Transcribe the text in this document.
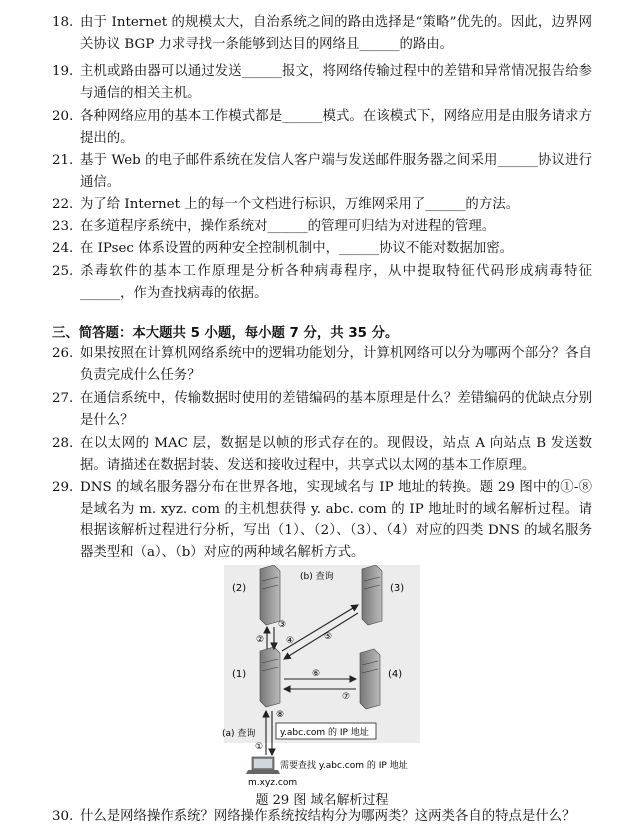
18. 由于 Internet 的规模太大，自治系统之间的路由选择是“策略”优先的。因此，边界网关协议 BGP 力求寻找一条能够到达目的网络且______的路由。
19. 主机或路由器可以通过发送______报文，将网络传输过程中的差错和异常情况报告给参与通信的相关主机。
20. 各种网络应用的基本工作模式都是______模式。在该模式下，网络应用是由服务请求方提出的。
21. 基于 Web 的电子邮件系统在发信人客户端与发送邮件服务器之间采用______协议进行通信。
22. 为了给 Internet 上的每一个文档进行标识，万维网采用了______的方法。
23. 在多道程序系统中，操作系统对______的管理可归结为对进程的管理。
24. 在 IPsec 体系设置的两种安全控制机制中，______协议不能对数据加密。
25. 杀毒软件的基本工作原理是分析各种病毒程序，从中提取特征代码形成病毒特征______，作为查找病毒的依据。
三、简答题：本大题共 5 小题，每小题 7 分，共 35 分。
26. 如果按照在计算机网络系统中的逻辑功能划分，计算机网络可以分为哪两个部分？各自负责完成什么任务？
27. 在通信系统中，传输数据时使用的差错编码的基本原理是什么？差错编码的优缺点分别是什么？
28. 在以太网的 MAC 层，数据是以帧的形式存在的。现假设，站点 A 向站点 B 发送数据。请描述在数据封装、发送和接收过程中，共享式以太网的基本工作原理。
29. DNS 的域名服务器分布在世界各地，实现域名与 IP 地址的转换。题 29 图中的①-⑧是域名为 m. xyz. com 的主机想获得 y. abc. com 的 IP 地址时的域名解析过程。请根据该解析过程进行分析，写出（1）、（2）、（3）、（4）对应的四类 DNS 的域名服务器类型和（a）、（b）对应的两种域名解析方式。
(b) 查询
(2)	(3)
(1)	(4)
②
③
④	⑤
⑥
⑦
⑧
①
(a) 查询	y.abc.com 的 IP 地址
需要查找 y.abc.com 的 IP 地址
m.xyz.com
题 29 图 域名解析过程
30. 什么是网络操作系统？网络操作系统按结构分为哪两类？这两类各自的特点是什么？
